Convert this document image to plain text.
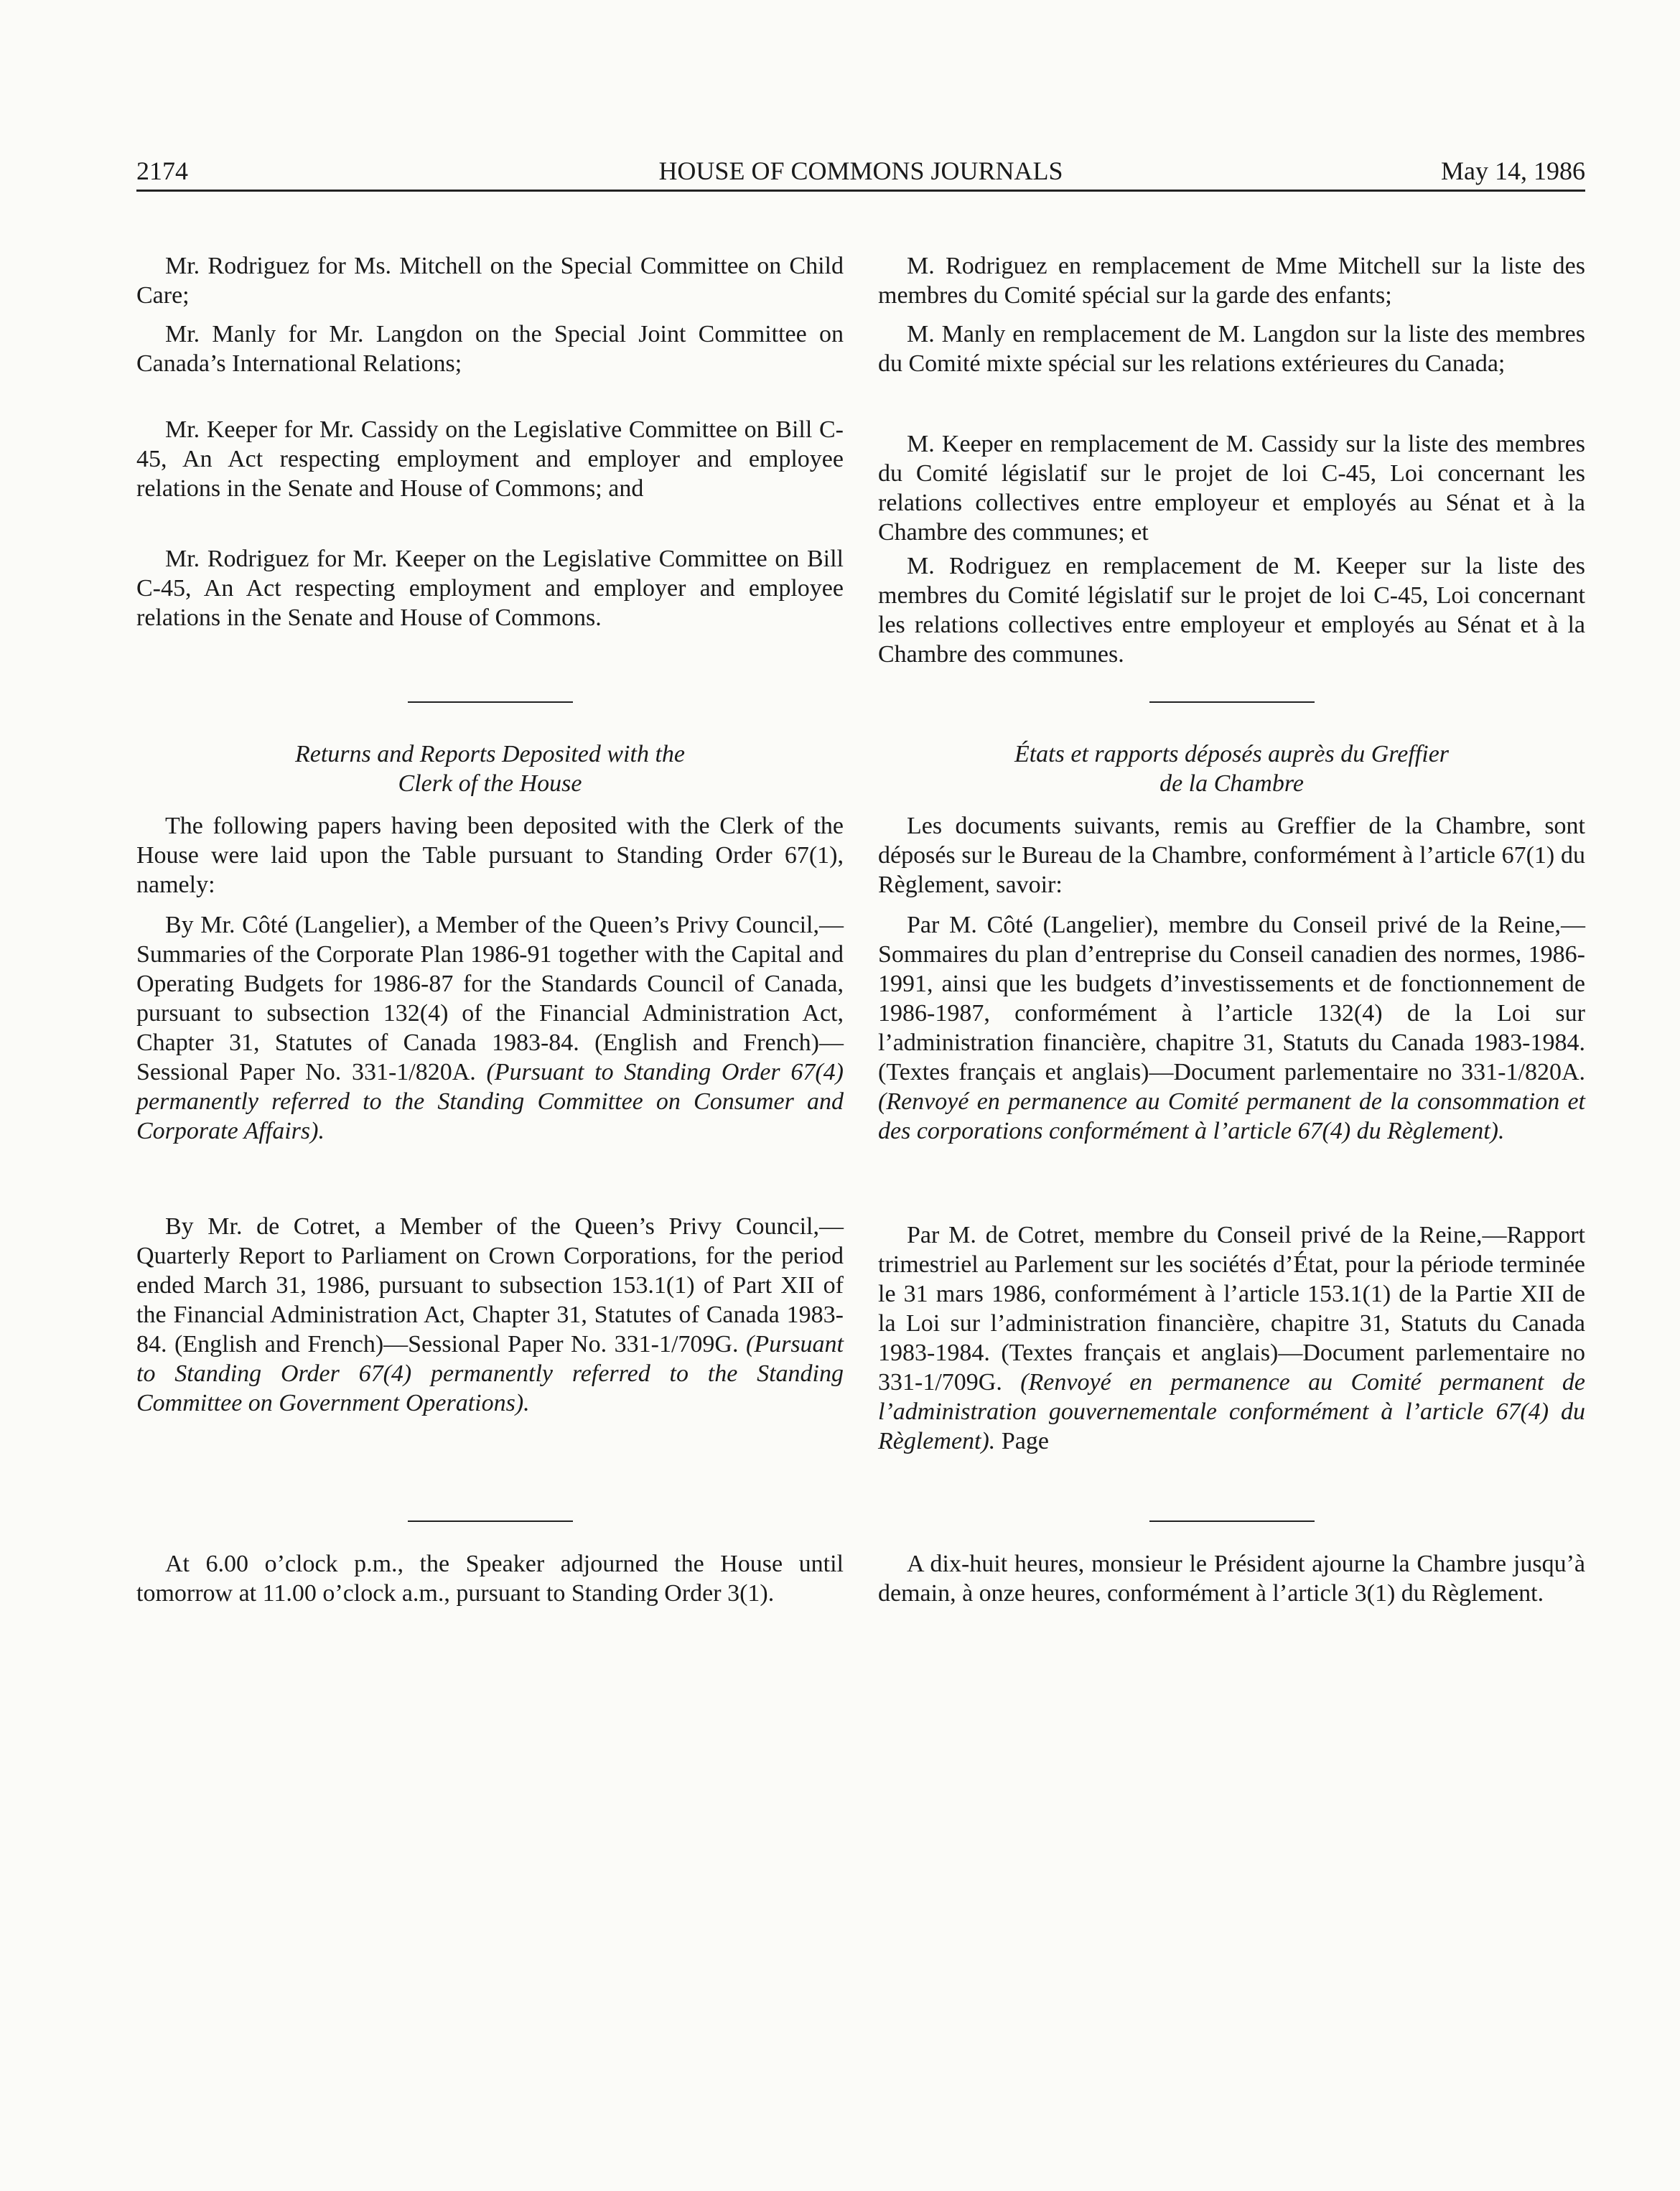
2174	HOUSE OF COMMONS JOURNALS	May 14, 1986

Mr. Rodriguez for Ms. Mitchell on the Special Committee on Child Care;

Mr. Manly for Mr. Langdon on the Special Joint Committee on Canada’s International Relations;

Mr. Keeper for Mr. Cassidy on the Legislative Committee on Bill C-45, An Act respecting employment and employer and employee relations in the Senate and House of Commons; and

Mr. Rodriguez for Mr. Keeper on the Legislative Committee on Bill C-45, An Act respecting employment and employer and employee relations in the Senate and House of Commons.

Returns and Reports Deposited with the
Clerk of the House

The following papers having been deposited with the Clerk of the House were laid upon the Table pursuant to Standing Order 67(1), namely:

By Mr. Côté (Langelier), a Member of the Queen’s Privy Council,—Summaries of the Corporate Plan 1986-91 together with the Capital and Operating Budgets for 1986-87 for the Standards Council of Canada, pursuant to subsection 132(4) of the Financial Administration Act, Chapter 31, Statutes of Canada 1983-84. (English and French)—Sessional Paper No. 331-1/820A. (Pursuant to Standing Order 67(4) permanently referred to the Standing Committee on Consumer and Corporate Affairs).

By Mr. de Cotret, a Member of the Queen’s Privy Council,—Quarterly Report to Parliament on Crown Corporations, for the period ended March 31, 1986, pursuant to subsection 153.1(1) of Part XII of the Financial Administration Act, Chapter 31, Statutes of Canada 1983-84. (English and French)—Sessional Paper No. 331-1/709G. (Pursuant to Standing Order 67(4) permanently referred to the Standing Committee on Government Operations).

At 6.00 o’clock p.m., the Speaker adjourned the House until tomorrow at 11.00 o’clock a.m., pursuant to Standing Order 3(1).

M. Rodriguez en remplacement de Mme Mitchell sur la liste des membres du Comité spécial sur la garde des enfants;

M. Manly en remplacement de M. Langdon sur la liste des membres du Comité mixte spécial sur les relations extérieures du Canada;

M. Keeper en remplacement de M. Cassidy sur la liste des membres du Comité législatif sur le projet de loi C-45, Loi concernant les relations collectives entre employeur et employés au Sénat et à la Chambre des communes; et

M. Rodriguez en remplacement de M. Keeper sur la liste des membres du Comité législatif sur le projet de loi C-45, Loi concernant les relations collectives entre employeur et employés au Sénat et à la Chambre des communes.

États et rapports déposés auprès du Greffier
de la Chambre

Les documents suivants, remis au Greffier de la Chambre, sont déposés sur le Bureau de la Chambre, conformément à l’article 67(1) du Règlement, savoir:

Par M. Côté (Langelier), membre du Conseil privé de la Reine,—Sommaires du plan d’entreprise du Conseil canadien des normes, 1986-1991, ainsi que les budgets d’investissements et de fonctionnement de 1986-1987, conformément à l’article 132(4) de la Loi sur l’administration financière, chapitre 31, Statuts du Canada 1983-1984. (Textes français et anglais)—Document parlementaire no 331-1/820A. (Renvoyé en permanence au Comité permanent de la consommation et des corporations conformément à l’article 67(4) du Règlement).

Par M. de Cotret, membre du Conseil privé de la Reine,—Rapport trimestriel au Parlement sur les sociétés d’État, pour la période terminée le 31 mars 1986, conformément à l’article 153.1(1) de la Partie XII de la Loi sur l’administration financière, chapitre 31, Statuts du Canada 1983-1984. (Textes français et anglais)—Document parlementaire no 331-1/709G. (Renvoyé en permanence au Comité permanent de l’administration gouvernementale conformément à l’article 67(4) du Règlement). Page

A dix-huit heures, monsieur le Président ajourne la Chambre jusqu’à demain, à onze heures, conformément à l’article 3(1) du Règlement.
